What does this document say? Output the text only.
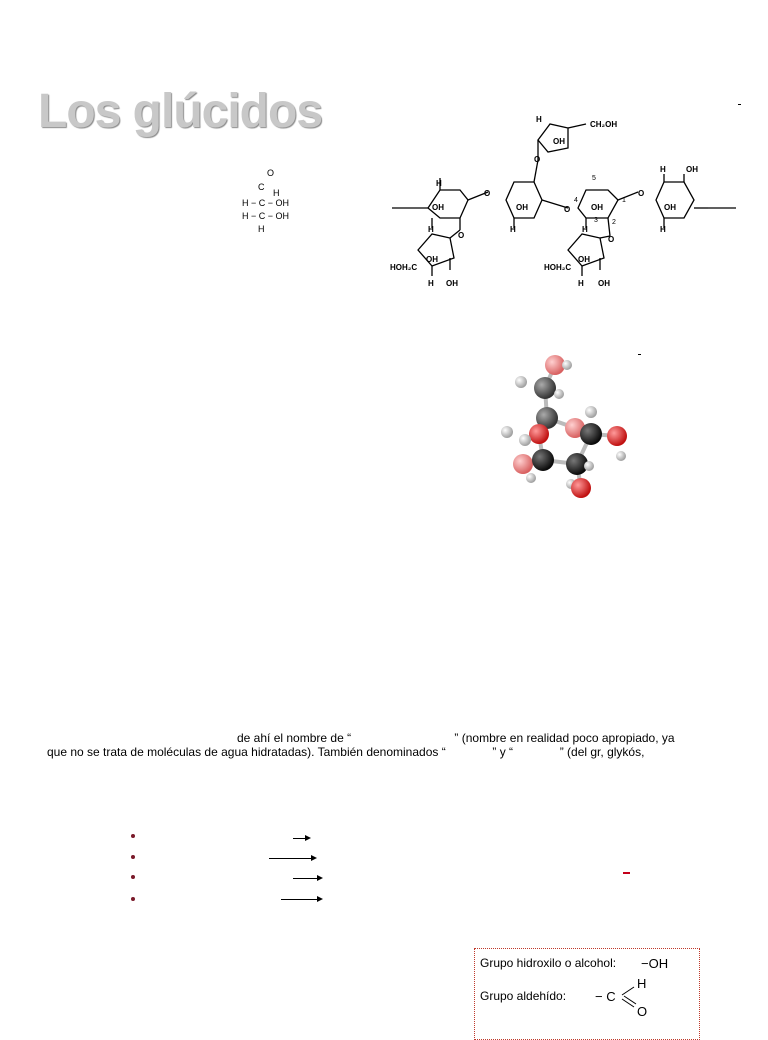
Los glúcidos
O
C
H
H − C − OH
H − C − OH
H
CH₂OH
HOH₂C	HOH₂C
OH
OH	OH	OH	OH
OH
OH
OH
OH
OH
O
O
O
O
O	O
H
H	H	H	H
H	H
H
H
1
2
3
4
5
de ahí el nombre de “                               ” (nombre en realidad poco apropiado, ya
que no se trata de moléculas de agua hidratadas). También denominados “              ” y “              ” (del gr, glykós,
Grupo hidroxilo o alcohol: −OH
Grupo aldehído: − C
H
O
